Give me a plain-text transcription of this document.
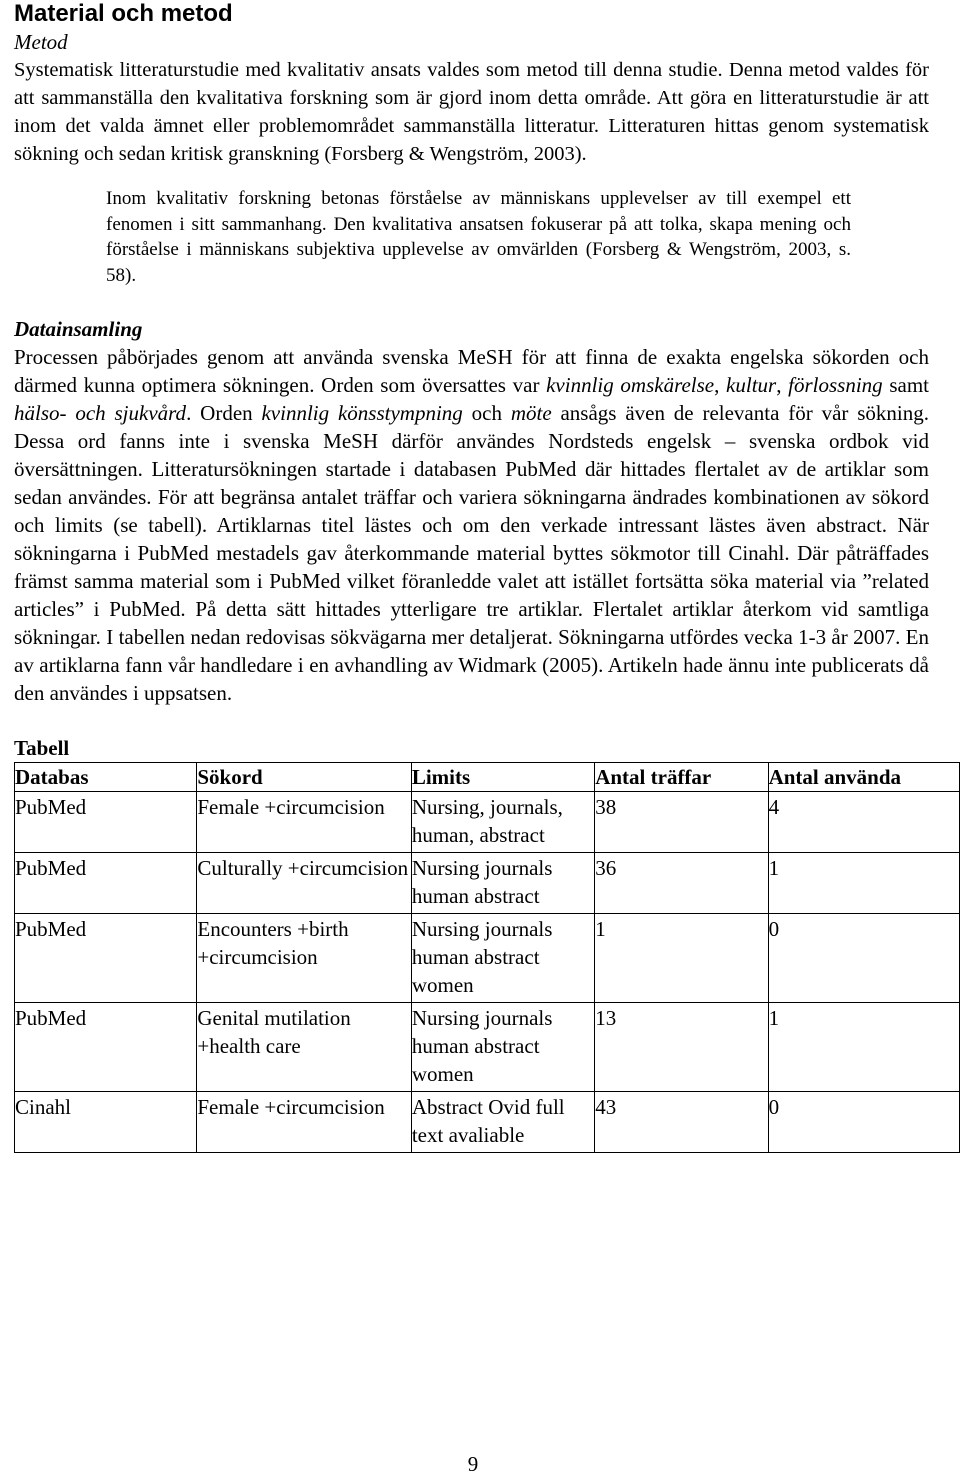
Material och metod
Metod

Systematisk litteraturstudie med kvalitativ ansats valdes som metod till denna studie. Denna metod valdes för att sammanställa den kvalitativa forskning som är gjord inom detta område. Att göra en litteraturstudie är att inom det valda ämnet eller problemområdet sammanställa litteratur. Litteraturen hittas genom systematisk sökning och sedan kritisk granskning (Forsberg & Wengström, 2003).

Inom kvalitativ forskning betonas förståelse av människans upplevelser av till exempel ett fenomen i sitt sammanhang. Den kvalitativa ansatsen fokuserar på att tolka, skapa mening och förståelse i människans subjektiva upplevelse av omvärlden (Forsberg & Wengström, 2003, s. 58).

Datainsamling

Processen påbörjades genom att använda svenska MeSH för att finna de exakta engelska sökorden och därmed kunna optimera sökningen. Orden som översattes var kvinnlig omskärelse, kultur, förlossning samt hälso- och sjukvård. Orden kvinnlig könsstympning och möte ansågs även de relevanta för vår sökning. Dessa ord fanns inte i svenska MeSH därför användes Nordsteds engelsk – svenska ordbok vid översättningen. Litteratursökningen startade i databasen PubMed där hittades flertalet av de artiklar som sedan användes. För att begränsa antalet träffar och variera sökningarna ändrades kombinationen av sökord och limits (se tabell). Artiklarnas titel lästes och om den verkade intressant lästes även abstract. När sökningarna i PubMed mestadels gav återkommande material byttes sökmotor till Cinahl. Där påträffades främst samma material som i PubMed vilket föranledde valet att istället fortsätta söka material via ”related articles” i PubMed. På detta sätt hittades ytterligare tre artiklar. Flertalet artiklar återkom vid samtliga sökningar. I tabellen nedan redovisas sökvägarna mer detaljerat. Sökningarna utfördes vecka 1-3 år 2007. En av artiklarna fann vår handledare i en avhandling av Widmark (2005). Artikeln hade ännu inte publicerats då den användes i uppsatsen.

Tabell
Databas	Sökord	Limits	Antal träffar	Antal använda
PubMed	Female +circumcision	Nursing, journals, human, abstract	38	4
PubMed	Culturally +circumcision	Nursing journals human abstract	36	1
PubMed	Encounters +birth +circumcision	Nursing journals human abstract women	1	0
PubMed	Genital mutilation +health care	Nursing journals human abstract women	13	1
Cinahl	Female +circumcision	Abstract Ovid full text avaliable	43	0
9
